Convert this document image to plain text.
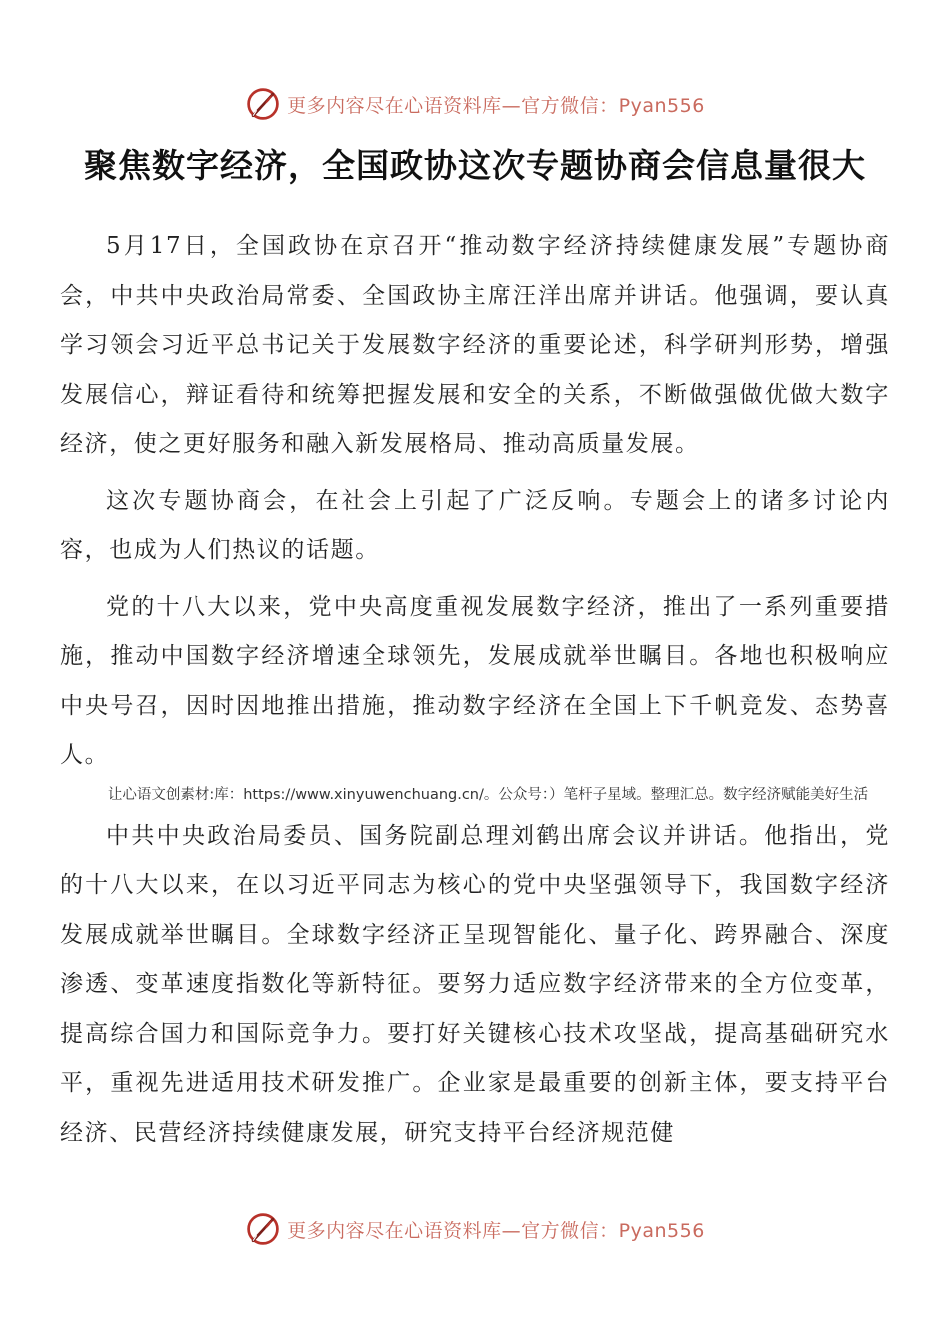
更多内容尽在心语资料库—官方微信：Pyan556
聚焦数字经济，全国政协这次专题协商会信息量很大

5月17日，全国政协在京召开“推动数字经济持续健康发展”专题协商会，中共中央政治局常委、全国政协主席汪洋出席并讲话。他强调，要认真学习领会习近平总书记关于发展数字经济的重要论述，科学研判形势，增强发展信心，辩证看待和统筹把握发展和安全的关系，不断做强做优做大数字经济，使之更好服务和融入新发展格局、推动高质量发展。

这次专题协商会，在社会上引起了广泛反响。专题会上的诸多讨论内容，也成为人们热议的话题。

党的十八大以来，党中央高度重视发展数字经济，推出了一系列重要措施，推动中国数字经济增速全球领先，发展成就举世瞩目。各地也积极响应中央号召，因时因地推出措施，推动数字经济在全国上下千帆竞发、态势喜人。

让心语文创素材:库：https://www.xinyuwenchuang.cn/。公众号：）笔杆子星域。整理汇总。数字经济赋能美好生活

中共中央政治局委员、国务院副总理刘鹤出席会议并讲话。他指出，党的十八大以来，在以习近平同志为核心的党中央坚强领导下，我国数字经济发展成就举世瞩目。全球数字经济正呈现智能化、量子化、跨界融合、深度渗透、变革速度指数化等新特征。要努力适应数字经济带来的全方位变革，提高综合国力和国际竞争力。要打好关键核心技术攻坚战，提高基础研究水平，重视先进适用技术研发推广。企业家是最重要的创新主体，要支持平台经济、民营经济持续健康发展，研究支持平台经济规范健

更多内容尽在心语资料库—官方微信：Pyan556
